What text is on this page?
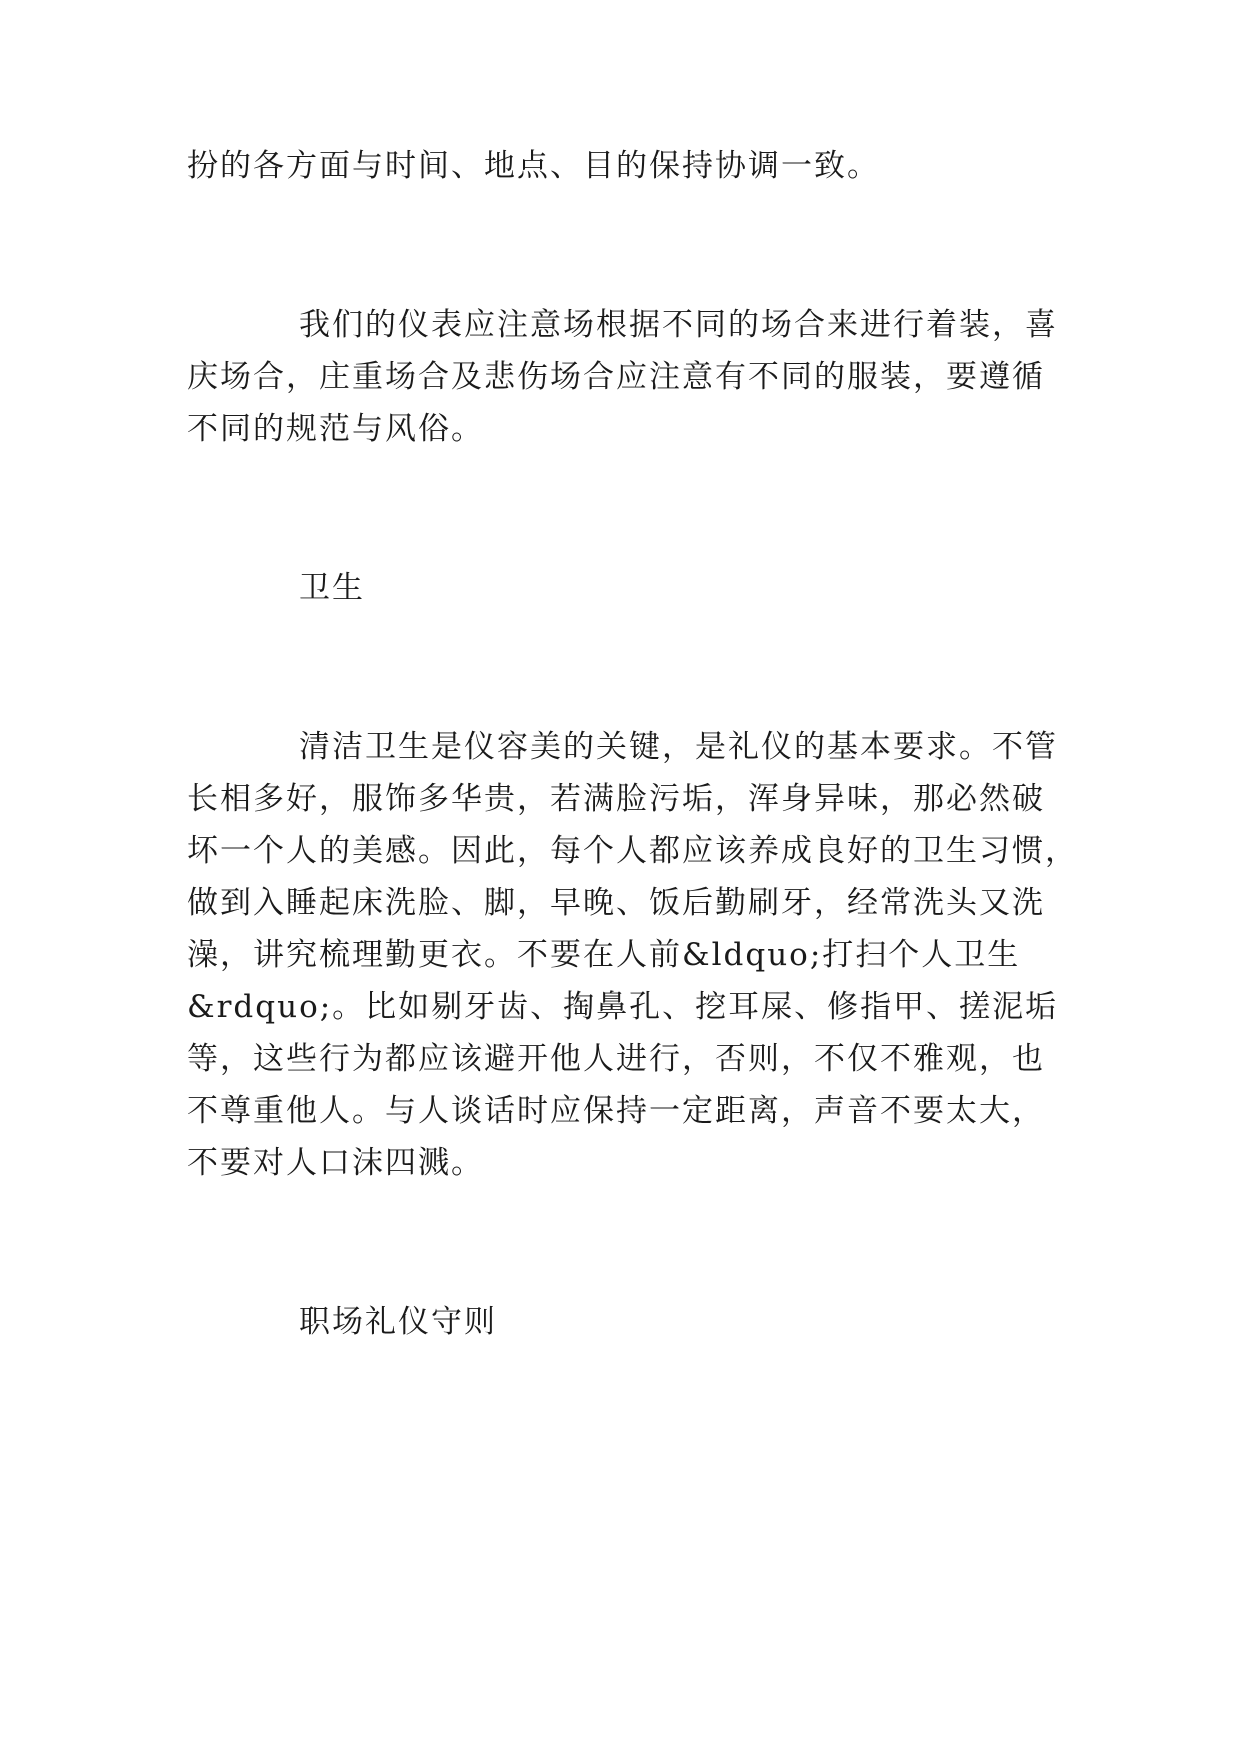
扮的各方面与时间、地点、目的保持协调一致。
我们的仪表应注意场根据不同的场合来进行着装，喜
庆场合，庄重场合及悲伤场合应注意有不同的服装，要遵循
不同的规范与风俗。
卫生
清洁卫生是仪容美的关键，是礼仪的基本要求。不管
长相多好，服饰多华贵，若满脸污垢，浑身异味，那必然破
坏一个人的美感。因此，每个人都应该养成良好的卫生习惯，
做到入睡起床洗脸、脚，早晚、饭后勤刷牙，经常洗头又洗
澡，讲究梳理勤更衣。不要在人前&ldquo;打扫个人卫生
&rdquo;。比如剔牙齿、掏鼻孔、挖耳屎、修指甲、搓泥垢
等，这些行为都应该避开他人进行，否则，不仅不雅观，也
不尊重他人。与人谈话时应保持一定距离，声音不要太大，
不要对人口沫四溅。
职场礼仪守则
